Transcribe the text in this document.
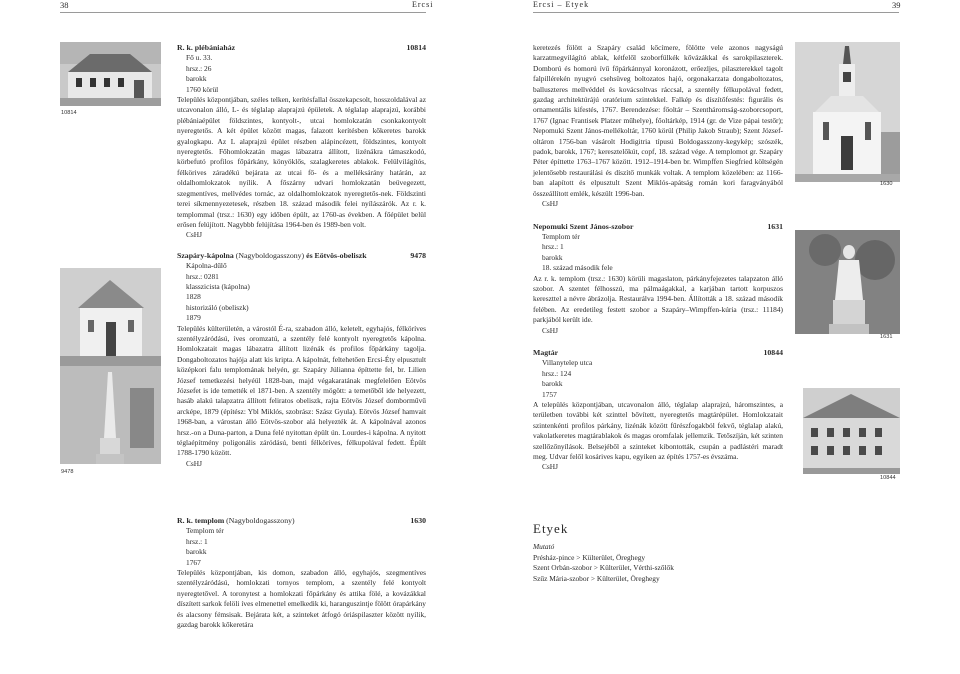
38	Ercsi	Ercsi – Etyek	39
10814
9478
1630
1631
10844
R. k. plébániaház	10814
Fő u. 33.
hrsz.: 26
barokk
1760 körül

Település központjában, széles telken, kerítésfallal összekapcsolt, hosszoldalával az utcavonalon álló, L- és téglalap alaprajzú épületek. A téglalap alaprajzú, korábbi plébániaépület földszintes, kontyolt-, utcai homlokzatán csonkakontyolt nyeregtetős. A két épület között magas, falazott kerítésben kőkeretes barokk gyalogkapu. Az L alaprajzú épület részben alápincézett, földszintes, kontyolt nyeregtetős. Főhomlokzatán magas lábazatra állított, lizénákra támaszkodó, körbefutó profilos főpárkány, könyöklős, szalagkeretes ablakok. Felülvilágítós, félkörives záradékú bejárata az utcai fő- és a melléksárány határán, az oldalhomlokzatok nyílik. A főszárny udvari homlokzatán beüvegezett, szegmentíves, mellvédes tornác, az oldalhomlokzatok nyeregtetős-nek. Földszinti terei síkmennyezetesek, részben 18. század második felei nyílászárók. Az r. k. templommal (trsz.: 1630) egy időben épült, az 1760-as években. A főépület belül erősen felújított. Nagybbb felújítása 1964-ben és 1989-ben volt.

CsHJ
Szapáry-kápolna (Nagyboldogasszony) és Eötvös-obeliszk	9478
Kápolna-dűlő
hrsz.: 0281
klasszicista (kápolna)
1828
historizáló (obeliszk)
1879

Település külterületén, a várostól É-ra, szabadon álló, keletelt, egyhajós, félköríves szentélyzáródású, íves oromzatú, a szentély felé kontyolt nyeregtetős kápolna. Homlokzatait magas lábazatra állított lizénák és profilos főpárkány tagolja. Dongaboltozatos hajója alatt kis kripta. A kápolnát, feltehetően Ercsi-Éty elpusztult középkori falu templomának helyén, gr. Szapáry Júlianna építtette fel, br. Lilien József temetkezési helyéül 1828-ban, majd végakaratának megfelelően Eötvös Józsefet is ide temették el 1871-ben. A szentély mögött: a temetőből ide helyezett, hasáb alakú talapzatra állított feliratos obeliszk, rajta Eötvös József domborművű arcképe, 1879 (építész: Ybl Miklós, szobrász: Szász Gyula). Eötvös József hamvait 1968-ban, a várostan álló Eötvös-szobor alá helyezték át. A kápolnával azonos hrsz.-on a Duna-parton, a Duna felé nyitottan épült ún. Lourdes-i kápolna. A nyitott téglaépítmény poligonális záródású, benti félköríves, félkupolával fedett. Épült 1788-1790 között.

CsHJ
R. k. templom (Nagyboldogasszony)	1630
Templom tér
hrsz.: 1
barokk
1767

Település központjában, kis domon, szabadon álló, egyhajós, szegmentíves szentélyzáródású, homlokzati tornyos templom, a szentély felé kontyolt nyeregtetővel. A toronytest a homlokzati főpárkány és attika fölé, a kovázákkal díszített sarkok felöli íves elmenettel emelkedik ki, haranguszintje fölött órapárkány és alacsony fémsisak. Bejárata két, a szinteket átfogó óriáspilaszter között nyílik, gazdag barokk kőkeretára

keretezés fölött a Szapáry család kőcímere, fölötte vele azonos nagyságú karzatmegvilágító ablak, kétfelől szoborfülkék kővázákkal és sarokpilaszterek. Domború és homorú ívű főpárkánnyal koronázott, erőezljes, pilaszterekkel tagolt falpillérekén nyugvó csehsüveg boltozatos hajó, orgonakarzata dongaboltozatos, balluszteres mellvéddel és kovácsoltvas ráccsal, a szentély félkupolával fedett, gazdag architektúrájú oratórium szintekkel. Falkép és díszítőfestés: figurális és ornamentális kifestés, 1767. Berendezése: főoltár – Szentháromság-szoborcsoport, 1767 (Ignac Frantisek Platzer műhelye), főoltárkép, 1914 (gr. de Vize pápai testőr); Nepomuki Szent János-mellékoltár, 1760 körül (Philip Jakob Straub); Szent József-oltáron 1756-ban vásárolt Hodigitria típusú Boldogasszony-kegykép; szószék, padok, barokk, 1767; keresztelőkút, copf, 18. század vége. A templomot gr. Szapáry Péter építtette 1763–1767 között. 1912–1914-ben br. Wimpffen Siegfried költségén jelentősebb restaurálási és díszítő munkák voltak. A templom közelében: az 1166-ban alapított és elpusztult Szent Miklós-apátság román kori faragványából összeállított emlék, készült 1996-ban.

CsHJ
Nepomuki Szent János-szobor	1631
Templom tér
hrsz.: 1
barokk
18. század második fele

Az r. k. templom (trsz.: 1630) körüli magaslaton, párkányfejezetes talapzaton álló szobor. A szentet félhosszú, ma pálmaágakkal, a karjában tartott korpuszos kereszttel a névre ábrázolja. Restaurálva 1994-ben. Állították a 18. század második felében. Az eredetileg festett szobor a Szapáry–Wimpffen-kúria (trsz.: 11184) parkjából került ide.

CsHJ
Magtár	10844
Villanytelep utca
hrsz.: 124
barokk
1757

A település központjában, utcavonalon álló, téglalap alaprajzú, háromszintes, a területben további két szinttel bővített, nyeregtetős magtárépület. Homlokzatait szintenkénti profilos párkány, lizénák között fűrészfogakból fekvő, téglalap alakú, vakolatkeretes magtárablakok és magas oromfalak jellemzik. Tetőszíján, két szinten szellőzőnyílások. Belsejéből a szinteket kibontották, csupán a padlástéri maradt meg. Udvar felől kosárives kapu, egyiken az építés 1757-es évszáma.

CsHJ
Etyek
Mutató
Présház-pince > Külterület, Öreghegy
Szent Orbán-szobor > Külterület, Vérthi-szőlők
Szűz Mária-szobor > Külterület, Öreghegy
